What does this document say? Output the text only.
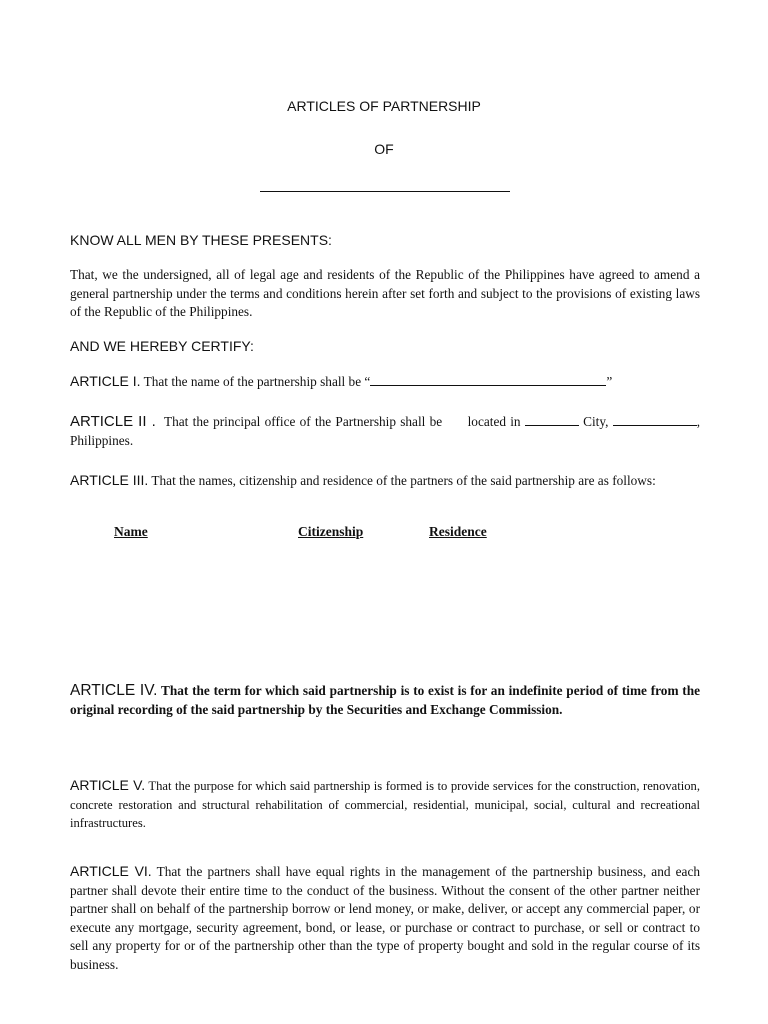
ARTICLES OF PARTNERSHIP
OF
KNOW ALL MEN BY THESE PRESENTS:
That, we the undersigned, all of legal age and residents of the Republic of the Philippines have agreed to amend a general partnership under the terms and conditions herein after set forth and subject to the provisions of existing laws of the Republic of the Philippines.
AND WE HEREBY CERTIFY:
ARTICLE I. That the name of the partnership shall be “	”
ARTICLE II .  That the principal office of the Partnership shall be      located in	City,	, Philippines.
ARTICLE III. That the names, citizenship and residence of the partners of the said partnership are as follows:
Name	Citizenship	Residence
ARTICLE IV. That the term for which said partnership is to exist is for an indefinite period of time from the original recording of the said partnership by the Securities and Exchange Commission.
ARTICLE V. That the purpose for which said partnership is formed is to provide services for the construction, renovation, concrete restoration and structural rehabilitation of commercial, residential, municipal, social, cultural and recreational infrastructures.
ARTICLE VI. That the partners shall have equal rights in the management of the partnership business, and each partner shall devote their entire time to the conduct of the business. Without the consent of the other partner neither partner shall on behalf of the partnership borrow or lend money, or make, deliver, or accept any commercial paper, or execute any mortgage, security agreement, bond, or lease, or purchase or contract to purchase, or sell or contract to sell any property for or of the partnership other than the type of property bought and sold in the regular course of its business.
